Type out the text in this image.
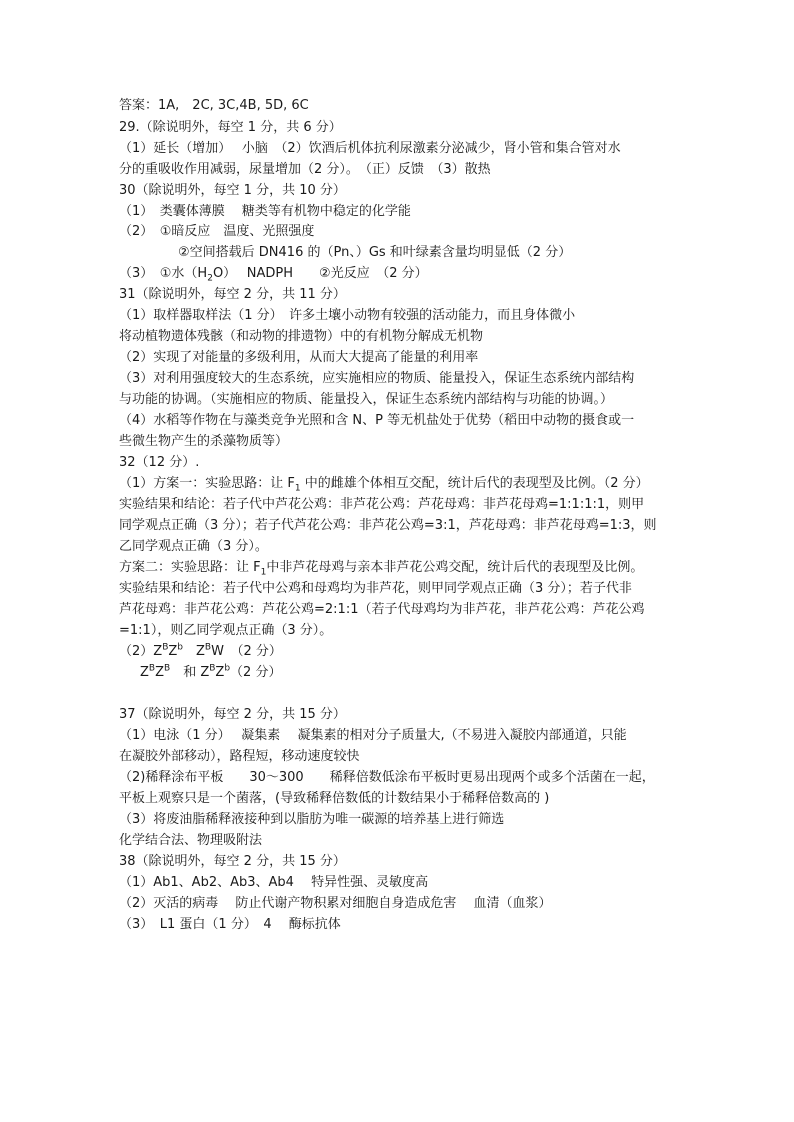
答案：1A,　2C, 3C,4B, 5D, 6C
29.（除说明外，每空 1 分，共 6 分）
（1）延长（增加）　 小脑　（2）饮酒后机体抗利尿激素分泌减少，肾小管和集合管对水
分的重吸收作用减弱，尿量增加（2 分）。　（正）反馈　（3）散热
30（除说明外，每空 1 分，共 10 分）
（1）　类囊体薄膜　 糖类等有机物中稳定的化学能
（2）　①暗反应　温度、光照强度
②空间搭载后 DN416 的（Pn、）Gs 和叶绿素含量均明显低（2 分）
（3）　①水$(H_2O)$　 NADPH　　②光反应　（2 分）
31（除说明外，每空 2 分，共 11 分）
（1）取样器取样法（1 分）　许多土壤小动物有较强的活动能力，而且身体微小
将动植物遗体残骸（和动物的排遗物）中的有机物分解成无机物
（2）实现了对能量的多级利用，从而大大提高了能量的利用率
（3）对利用强度较大的生态系统，应实施相应的物质、能量投入，保证生态系统内部结构
与功能的协调。（实施相应的物质、能量投入，保证生态系统内部结构与功能的协调。）
（4）水稻等作物在与藻类竞争光照和含 N、P 等无机盐处于优势（稻田中动物的摄食或一
些微生物产生的杀藻物质等）
32（12 分）.
（1）方案一：实验思路：让 $F_1$ 中的雌雄个体相互交配，统计后代的表现型及比例。（2 分）
实验结果和结论：若子代中芦花公鸡：非芦花公鸡：芦花母鸡：非芦花母鸡=1:1:1:1，则甲
同学观点正确（3 分）；若子代芦花公鸡：非芦花公鸡=3:1，芦花母鸡：非芦花母鸡=1:3，则
乙同学观点正确（3 分）。
方案二：实验思路：让 $F_1$中非芦花母鸡与亲本非芦花公鸡交配，统计后代的表现型及比例。
实验结果和结论：若子代中公鸡和母鸡均为非芦花，则甲同学观点正确（3 分）；若子代非
芦花母鸡：非芦花公鸡：芦花公鸡=2:1:1（若子代母鸡均为非芦花，非芦花公鸡：芦花公鸡
=1:1），则乙同学观点正确（3 分）。
$(2)Z^BZ^b$　$Z^BW$　（2 分）
$Z^BZ^B$　和 $Z^BZ^b(2$ 分）
37（除说明外，每空 2 分，共 15 分）
（1）电泳（1 分）　 凝集素　 凝集素的相对分子质量大,（不易进入凝胶内部通道，只能
在凝胶外部移动），路程短，移动速度较快
（2)稀释涂布平板　　30～300　　稀释倍数低涂布平板时更易出现两个或多个活菌在一起，
平板上观察只是一个菌落，(导致稀释倍数低的计数结果小于稀释倍数高的 )
（3）将废油脂稀释液接种到以脂肪为唯一碳源的培养基上进行筛选
化学结合法、物理吸附法
38（除说明外，每空 2 分，共 15 分）
（1）Ab1、Ab2、Ab3、Ab4　 特异性强、灵敏度高
（2）灭活的病毒　 防止代谢产物积累对细胞自身造成危害　 血清（血浆）
（3）　L1 蛋白（1 分）　4　 酶标抗体
